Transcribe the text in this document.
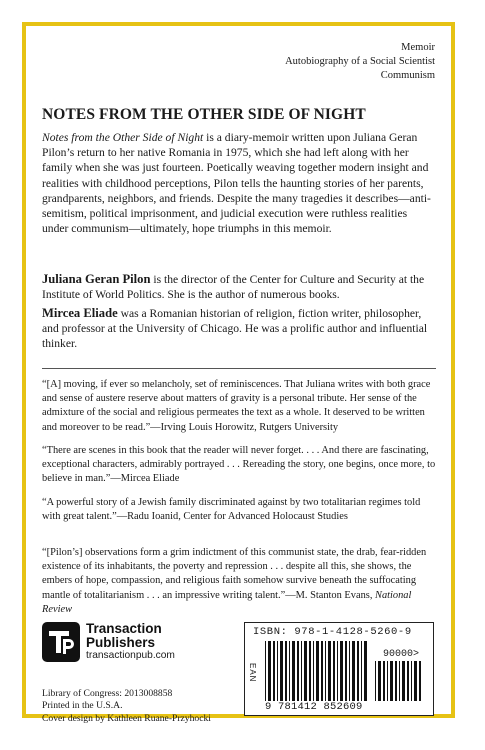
Memoir
Autobiography of a Social Scientist
Communism
NOTES FROM THE OTHER SIDE OF NIGHT

Notes from the Other Side of Night is a diary-memoir written upon Juliana Geran Pilon’s return to her native Romania in 1975, which she had left along with her family when she was just fourteen. Poetically weaving together modern insight and realities with childhood perceptions, Pilon tells the haunting stories of her parents, grandparents, neighbors, and friends. Despite the many tragedies it describes—anti-semitism, political imprisonment, and judicial execution were ruthless realities under communism—ultimately, hope triumphs in this memoir.

Juliana Geran Pilon is the director of the Center for Culture and Security at the Institute of World Politics. She is the author of numerous books.

Mircea Eliade was a Romanian historian of religion, fiction writer, philosopher, and professor at the University of Chicago. He was a prolific author and influential thinker.

“[A] moving, if ever so melancholy, set of reminiscences. That Juliana writes with both grace and sense of austere reserve about matters of gravity is a personal tribute. Her sense of the admixture of the social and religious permeates the text as a whole. It deserved to be written and moreover to be read.”—Irving Louis Horowitz, Rutgers University

“There are scenes in this book that the reader will never forget. . . . And there are fascinating, exceptional characters, admirably portrayed . . . Rereading the story, one begins, once more, to believe in man.”—Mircea Eliade

“A powerful story of a Jewish family discriminated against by two totalitarian regimes told with great talent.”—Radu Ioanid, Center for Advanced Holocaust Studies

“[Pilon’s] observations form a grim indictment of this communist state, the drab, fear-ridden existence of its inhabitants, the poverty and repression . . . despite all this, she shows, the embers of hope, compassion, and religious faith somehow survive beneath the suffocating mantle of totalitarianism . . . an impressive writing talent.”—M. Stanton Evans, National Review

Transaction
Publishers
transactionpub.com
Library of Congress: 2013008858
Printed in the U.S.A.
Cover design by Kathleen Ruane-Przyhocki
ISBN: 978-1-4128-5260-9
EAN
90000>
9 781412 852609
